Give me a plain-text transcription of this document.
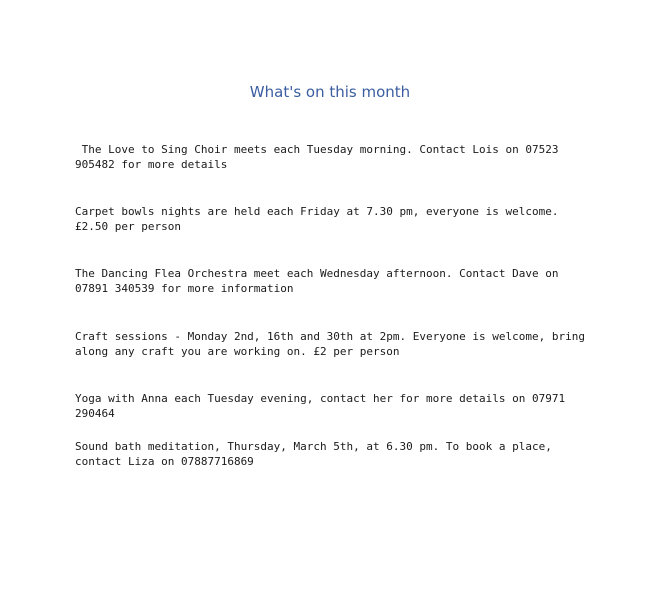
What's on this month
The Love to Sing Choir meets each Tuesday morning. Contact Lois on 07523 905482 for more details
Carpet bowls nights are held each Friday at 7.30 pm, everyone is welcome. £2.50 per person
The Dancing Flea Orchestra meet each Wednesday afternoon. Contact Dave on 07891 340539 for more information
Craft sessions - Monday 2nd, 16th and 30th at 2pm. Everyone is welcome, bring along any craft you are working on. £2 per person
Yoga with Anna each Tuesday evening, contact her for more details on 07971 290464
Sound bath meditation, Thursday, March 5th, at 6.30 pm. To book a place, contact Liza on 07887716869
